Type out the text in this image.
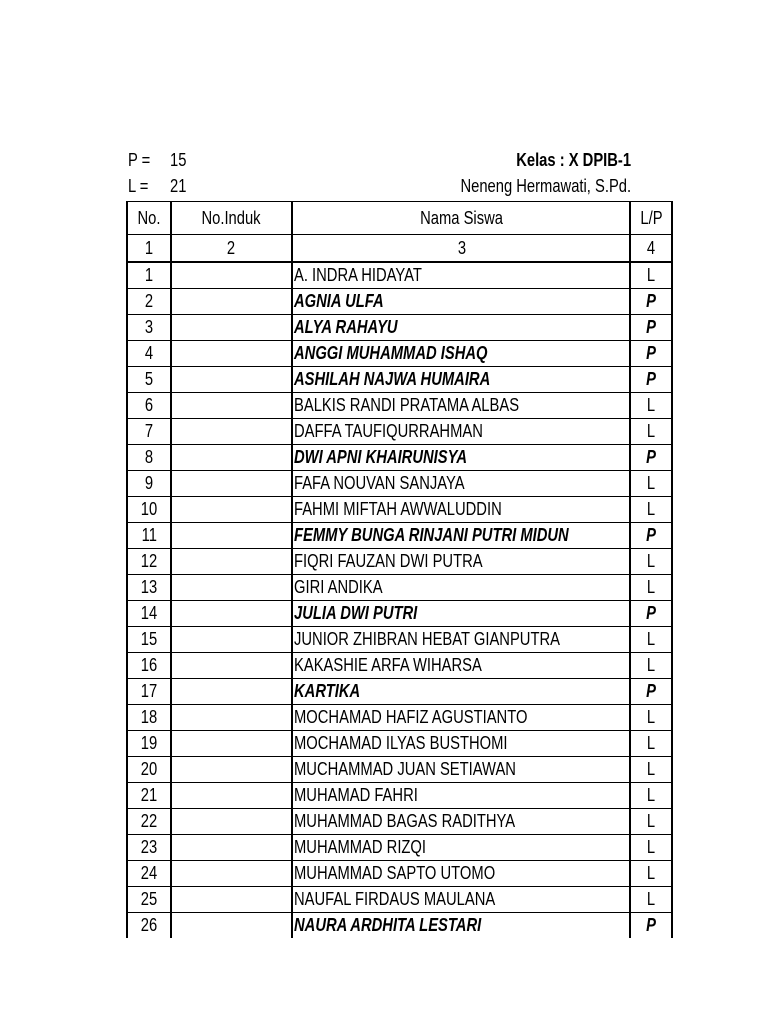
P = 15	Kelas : X DPIB-1
L = 21	Neneng Hermawati, S.Pd.
No.	No.Induk	Nama Siswa	L/P
1	2	3	4
1		A. INDRA HIDAYAT	L
2		AGNIA ULFA	P
3		ALYA RAHAYU	P
4		ANGGI MUHAMMAD ISHAQ	P
5		ASHILAH NAJWA HUMAIRA	P
6		BALKIS RANDI PRATAMA ALBAS	L
7		DAFFA TAUFIQURRAHMAN	L
8		DWI APNI KHAIRUNISYA	P
9		FAFA NOUVAN SANJAYA	L
10		FAHMI MIFTAH AWWALUDDIN	L
11		FEMMY BUNGA RINJANI PUTRI MIDUN	P
12		FIQRI FAUZAN DWI PUTRA	L
13		GIRI ANDIKA	L
14		JULIA DWI PUTRI	P
15		JUNIOR ZHIBRAN HEBAT GIANPUTRA	L
16		KAKASHIE ARFA WIHARSA	L
17		KARTIKA	P
18		MOCHAMAD HAFIZ AGUSTIANTO	L
19		MOCHAMAD ILYAS BUSTHOMI	L
20		MUCHAMMAD JUAN SETIAWAN	L
21		MUHAMAD FAHRI	L
22		MUHAMMAD BAGAS RADITHYA	L
23		MUHAMMAD RIZQI	L
24		MUHAMMAD SAPTO UTOMO	L
25		NAUFAL FIRDAUS MAULANA	L
26		NAURA ARDHITA LESTARI	P
